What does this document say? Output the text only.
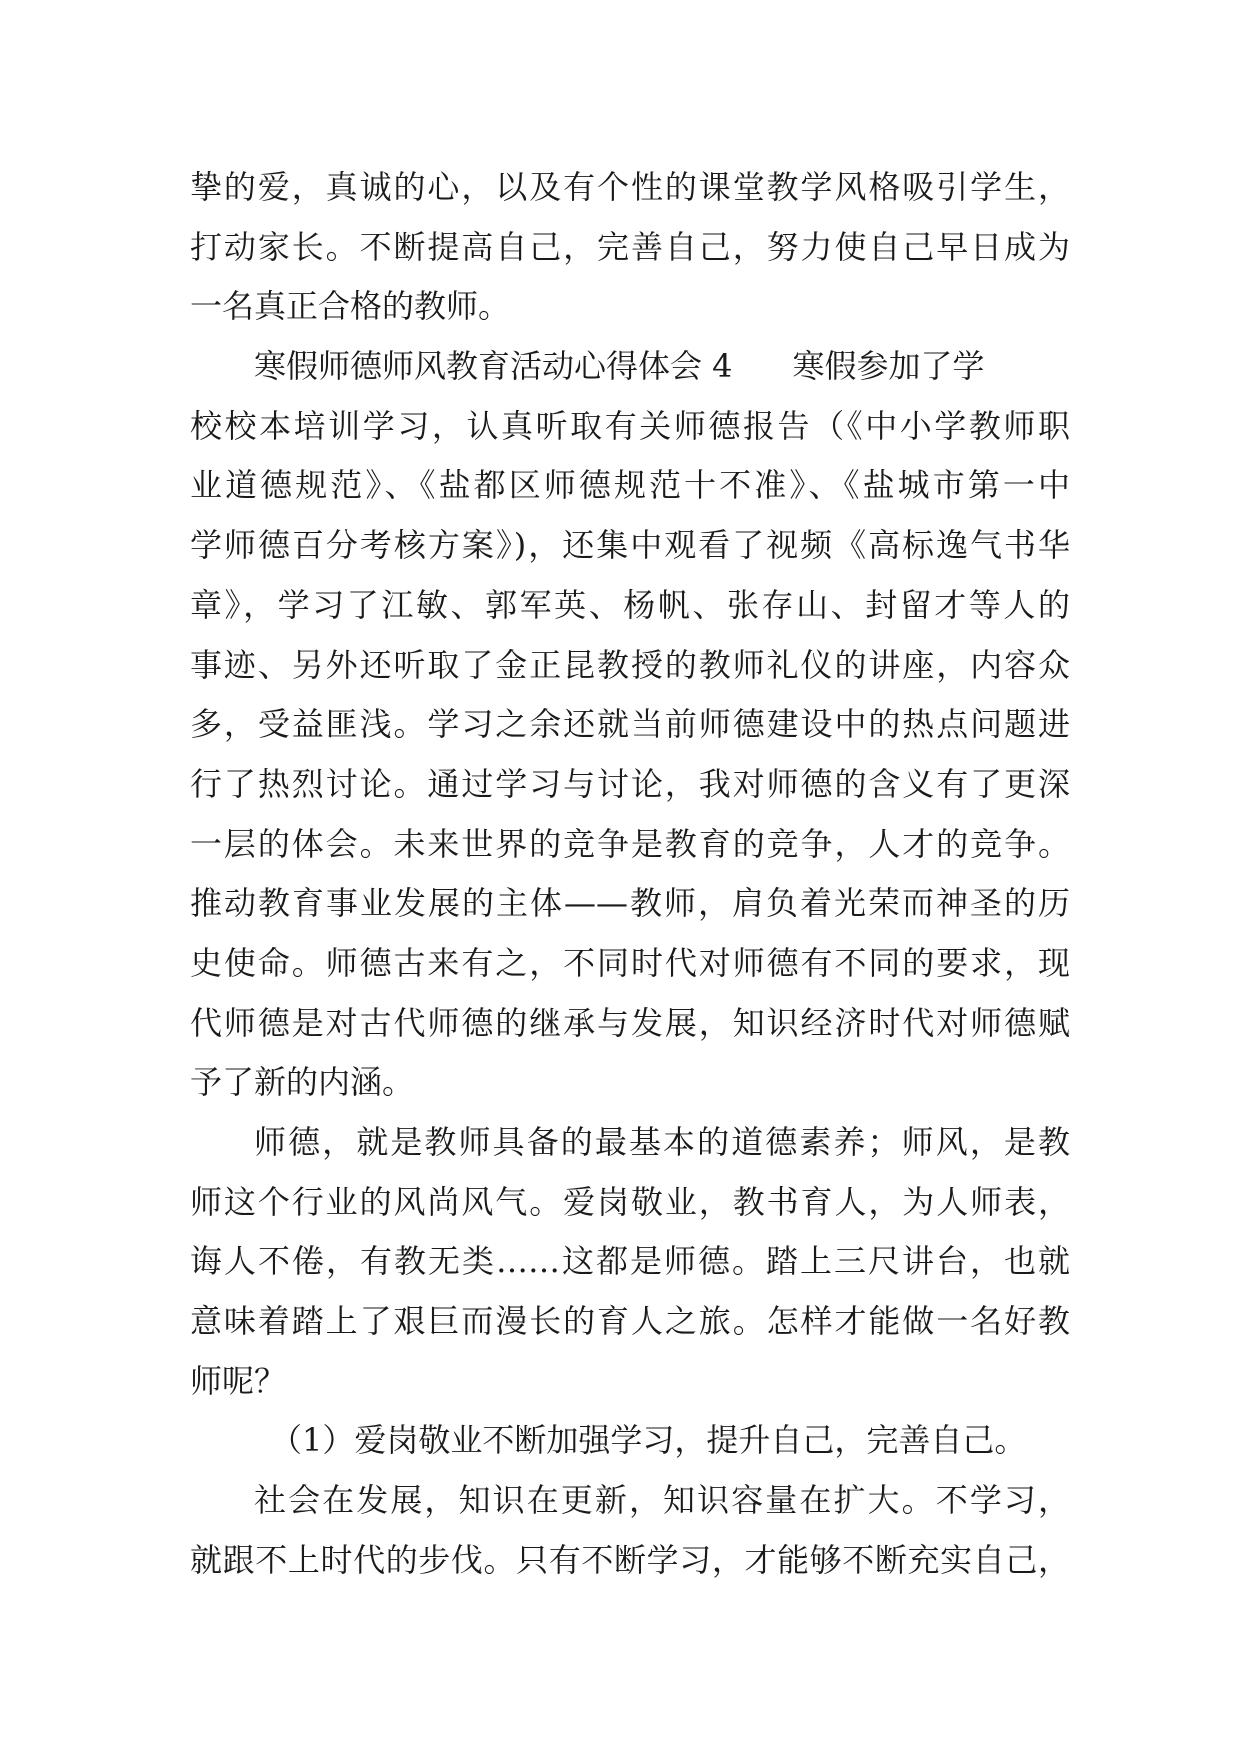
挚的爱，真诚的心，以及有个性的课堂教学风格吸引学生，
打动家长。不断提高自己，完善自己，努力使自己早日成为
一名真正合格的教师。
寒假师德师风教育活动心得体会 4 寒假参加了学
校校本培训学习，认真听取有关师德报告（《中小学教师职
业道德规范》、《盐都区师德规范十不准》、《盐城市第一中
学师德百分考核方案》)，还集中观看了视频《高标逸气书华
章》，学习了江敏、郭军英、杨帆、张存山、封留才等人的
事迹、另外还听取了金正昆教授的教师礼仪的讲座，内容众
多，受益匪浅。学习之余还就当前师德建设中的热点问题进
行了热烈讨论。通过学习与讨论，我对师德的含义有了更深
一层的体会。未来世界的竞争是教育的竞争，人才的竞争。
推动教育事业发展的主体——教师，肩负着光荣而神圣的历
史使命。师德古来有之，不同时代对师德有不同的要求，现
代师德是对古代师德的继承与发展，知识经济时代对师德赋
予了新的内涵。
师德，就是教师具备的最基本的道德素养；师风，是教
师这个行业的风尚风气。爱岗敬业，教书育人，为人师表，
诲人不倦，有教无类……这都是师德。踏上三尺讲台，也就
意味着踏上了艰巨而漫长的育人之旅。怎样才能做一名好教
师呢？
（1）爱岗敬业不断加强学习，提升自己，完善自己。
社会在发展，知识在更新，知识容量在扩大。不学习，
就跟不上时代的步伐。只有不断学习，才能够不断充实自己，
